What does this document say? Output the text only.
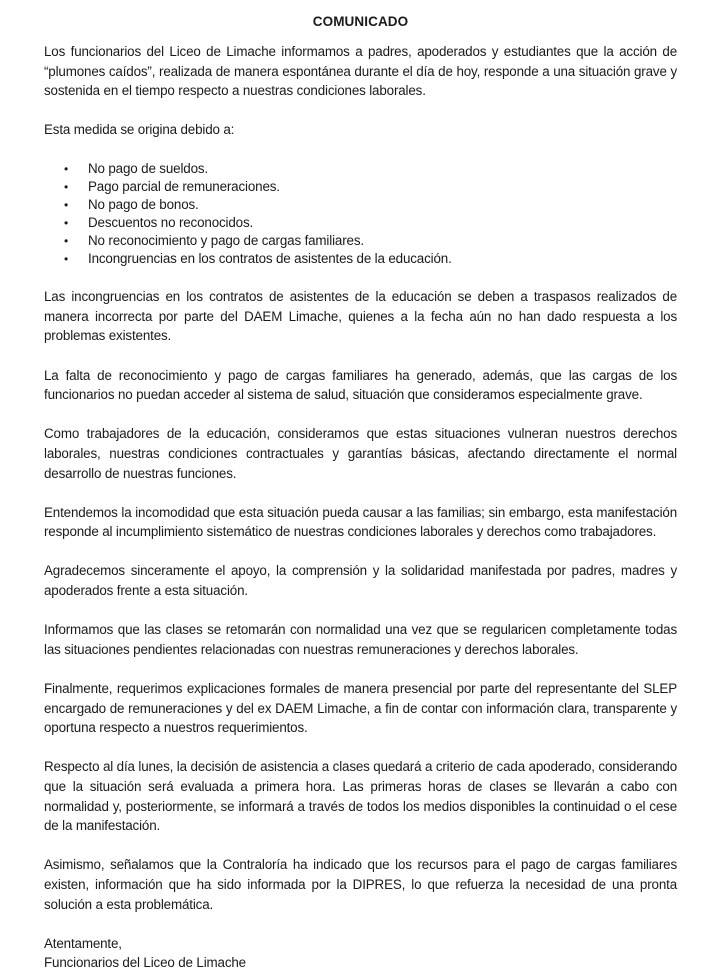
COMUNICADO

Los funcionarios del Liceo de Limache informamos a padres, apoderados y estudiantes que la acción de “plumones caídos”, realizada de manera espontánea durante el día de hoy, responde a una situación grave y sostenida en el tiempo respecto a nuestras condiciones laborales.

Esta medida se origina debido a:

• No pago de sueldos.
• Pago parcial de remuneraciones.
• No pago de bonos.
• Descuentos no reconocidos.
• No reconocimiento y pago de cargas familiares.
• Incongruencias en los contratos de asistentes de la educación.

Las incongruencias en los contratos de asistentes de la educación se deben a traspasos realizados de manera incorrecta por parte del DAEM Limache, quienes a la fecha aún no han dado respuesta a los problemas existentes.

La falta de reconocimiento y pago de cargas familiares ha generado, además, que las cargas de los funcionarios no puedan acceder al sistema de salud, situación que consideramos especialmente grave.

Como trabajadores de la educación, consideramos que estas situaciones vulneran nuestros derechos laborales, nuestras condiciones contractuales y garantías básicas, afectando directamente el normal desarrollo de nuestras funciones.

Entendemos la incomodidad que esta situación pueda causar a las familias; sin embargo, esta manifestación responde al incumplimiento sistemático de nuestras condiciones laborales y derechos como trabajadores.

Agradecemos sinceramente el apoyo, la comprensión y la solidaridad manifestada por padres, madres y apoderados frente a esta situación.

Informamos que las clases se retomarán con normalidad una vez que se regularicen completamente todas las situaciones pendientes relacionadas con nuestras remuneraciones y derechos laborales.

Finalmente, requerimos explicaciones formales de manera presencial por parte del representante del SLEP encargado de remuneraciones y del ex DAEM Limache, a fin de contar con información clara, transparente y oportuna respecto a nuestros requerimientos.

Respecto al día lunes, la decisión de asistencia a clases quedará a criterio de cada apoderado, considerando que la situación será evaluada a primera hora. Las primeras horas de clases se llevarán a cabo con normalidad y, posteriormente, se informará a través de todos los medios disponibles la continuidad o el cese de la manifestación.

Asimismo, señalamos que la Contraloría ha indicado que los recursos para el pago de cargas familiares existen, información que ha sido informada por la DIPRES, lo que refuerza la necesidad de una pronta solución a esta problemática.

Atentamente,

Funcionarios del Liceo de Limache
